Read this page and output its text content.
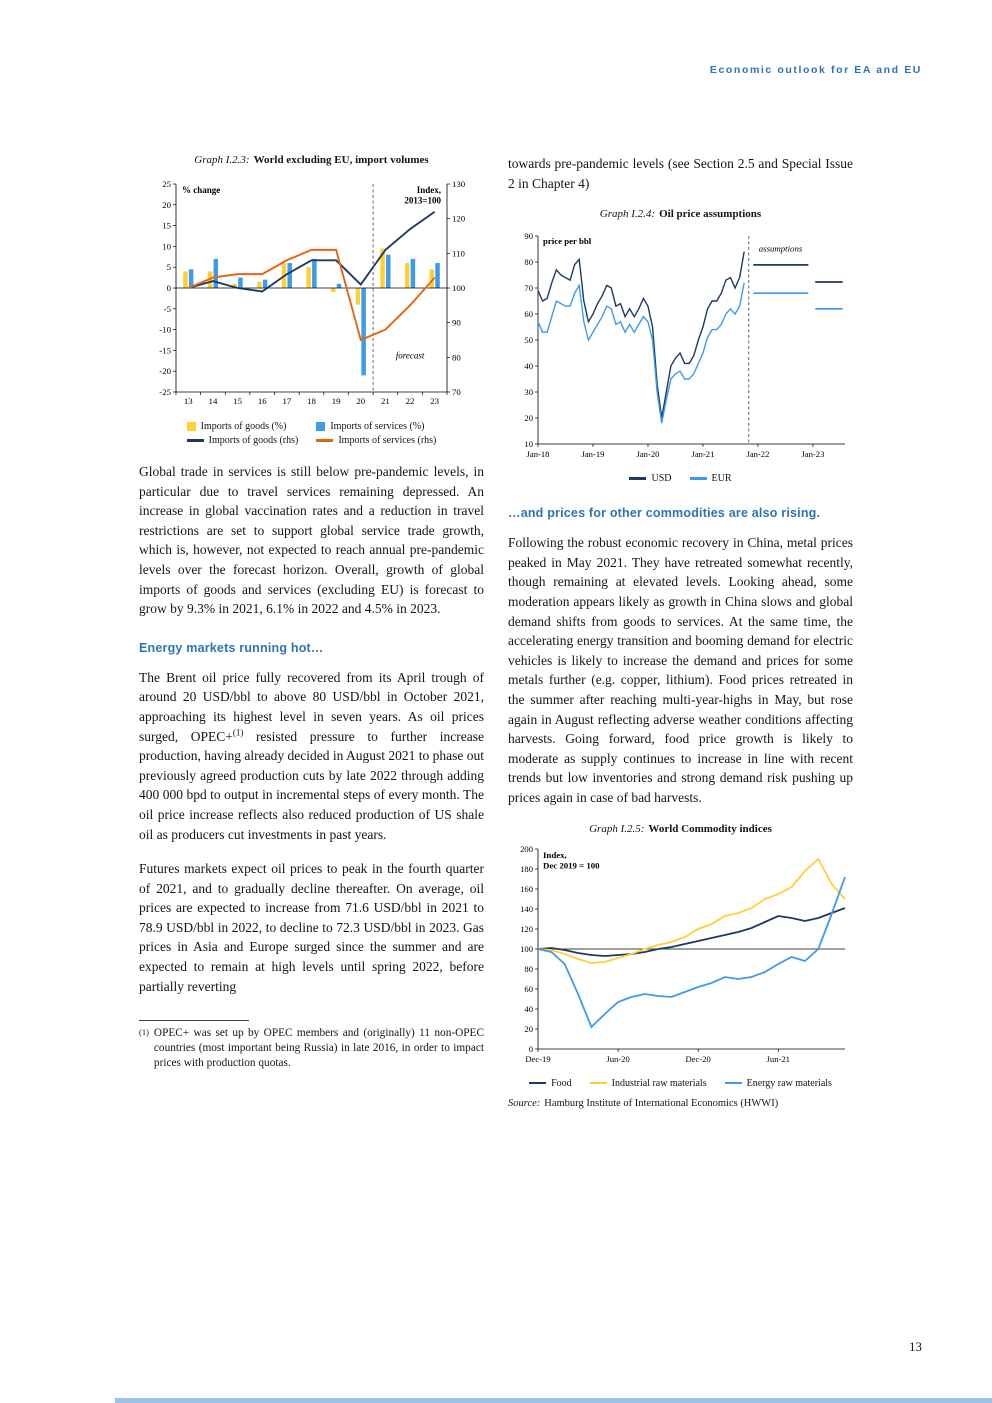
Economic outlook for EA and EU
Graph I.2.3: World excluding EU, import volumes
-25
-20
-15
-10
-5
0
5
10
15
20
25
70
80
90
100
110
120
130
13 14 15 16 17 18 19 20 21 22 23
% change	Index,
2013=100
forecast
Imports of goods (%)	Imports of services (%)
Imports of goods (rhs)	Imports of services (rhs)

Global trade in services is still below pre-pandemic levels, in particular due to travel services remaining depressed. An increase in global vaccination rates and a reduction in travel restrictions are set to support global service trade growth, which is, however, not expected to reach annual pre-pandemic levels over the forecast horizon. Overall, growth of global imports of goods and services (excluding EU) is forecast to grow by 9.3% in 2021, 6.1% in 2022 and 4.5% in 2023.

Energy markets running hot…

The Brent oil price fully recovered from its April trough of around 20 USD/bbl to above 80 USD/bbl in October 2021, approaching its highest level in seven years. As oil prices surged, OPEC+$^{(1)}$ resisted pressure to further increase production, having already decided in August 2021 to phase out previously agreed production cuts by late 2022 through adding 400 000 bpd to output in incremental steps of every month. The oil price increase reflects also reduced production of US shale oil as producers cut investments in past years.

Futures markets expect oil prices to peak in the fourth quarter of 2021, and to gradually decline thereafter. On average, oil prices are expected to increase from 71.6 USD/bbl in 2021 to 78.9 USD/bbl in 2022, to decline to 72.3 USD/bbl in 2023. Gas prices in Asia and Europe surged since the summer and are expected to remain at high levels until spring 2022, before partially reverting

(1) OPEC+ was set up by OPEC members and (originally) 11 non-OPEC countries (most important being Russia) in late 2016, in order to impact prices with production quotas.

towards pre-pandemic levels (see Section 2.5 and Special Issue 2 in Chapter 4)

Graph I.2.4: Oil price assumptions
10
20
30
40
50
60
70
80
90
Jan-18	Jan-19	Jan-20	Jan-21	Jan-22	Jan-23
price per bbl
assumptions
USD	EUR
…and prices for other commodities are also rising.

Following the robust economic recovery in China, metal prices peaked in May 2021. They have retreated somewhat recently, though remaining at elevated levels. Looking ahead, some moderation appears likely as growth in China slows and global demand shifts from goods to services. At the same time, the accelerating energy transition and booming demand for electric vehicles is likely to increase the demand and prices for some metals further (e.g. copper, lithium). Food prices retreated in the summer after reaching multi-year-highs in May, but rose again in August reflecting adverse weather conditions affecting harvests. Going forward, food price growth is likely to moderate as supply continues to increase in line with recent trends but low inventories and strong demand risk pushing up prices again in case of bad harvests.

Graph I.2.5: World Commodity indices
0
20
40
60
80
100
120
140
160
180
200
Dec-19	Jun-20	Dec-20	Jun-21
Index,
Dec 2019 = 100
Food	Industrial raw materials	Energy raw materials
Source: Hamburg Institute of International Economics (HWWI)
13
